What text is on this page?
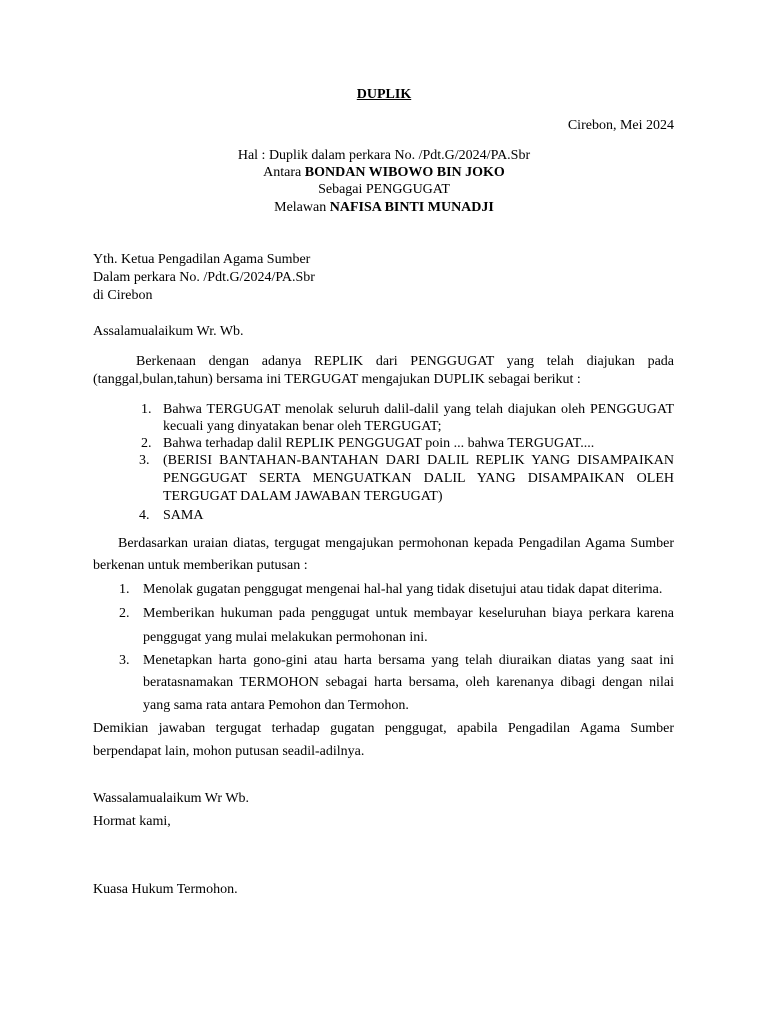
DUPLIK
Cirebon, Mei 2024
Hal : Duplik dalam perkara No. /Pdt.G/2024/PA.Sbr
Antara BONDAN WIBOWO BIN JOKO
Sebagai PENGGUGAT
Melawan NAFISA BINTI MUNADJI
Yth. Ketua Pengadilan Agama Sumber
Dalam perkara No. /Pdt.G/2024/PA.Sbr
di Cirebon
Assalamualaikum Wr. Wb.
Berkenaan dengan adanya REPLIK dari PENGGUGAT yang telah diajukan pada
(tanggal,bulan,tahun) bersama ini TERGUGAT mengajukan DUPLIK sebagai berikut :
1. Bahwa TERGUGAT menolak seluruh dalil-dalil yang telah diajukan oleh PENGGUGAT
kecuali yang dinyatakan benar oleh TERGUGAT;
2. Bahwa terhadap dalil REPLIK PENGGUGAT poin ... bahwa TERGUGAT....
3. (BERISI BANTAHAN-BANTAHAN DARI DALIL REPLIK YANG DISAMPAIKAN
PENGGUGAT SERTA MENGUATKAN DALIL YANG DISAMPAIKAN OLEH
TERGUGAT DALAM JAWABAN TERGUGAT)
4. SAMA
Berdasarkan uraian diatas, tergugat mengajukan permohonan kepada Pengadilan Agama Sumber
berkenan untuk memberikan putusan :
1. Menolak gugatan penggugat mengenai hal-hal yang tidak disetujui atau tidak dapat diterima.
2. Memberikan hukuman pada penggugat untuk membayar keseluruhan biaya perkara karena
penggugat yang mulai melakukan permohonan ini.
3. Menetapkan harta gono-gini atau harta bersama yang telah diuraikan diatas yang saat ini
beratasnamakan TERMOHON sebagai harta bersama, oleh karenanya dibagi dengan nilai
yang sama rata antara Pemohon dan Termohon.
Demikian jawaban tergugat terhadap gugatan penggugat, apabila Pengadilan Agama Sumber
berpendapat lain, mohon putusan seadil-adilnya.
Wassalamualaikum Wr Wb.
Hormat kami,
Kuasa Hukum Termohon.
